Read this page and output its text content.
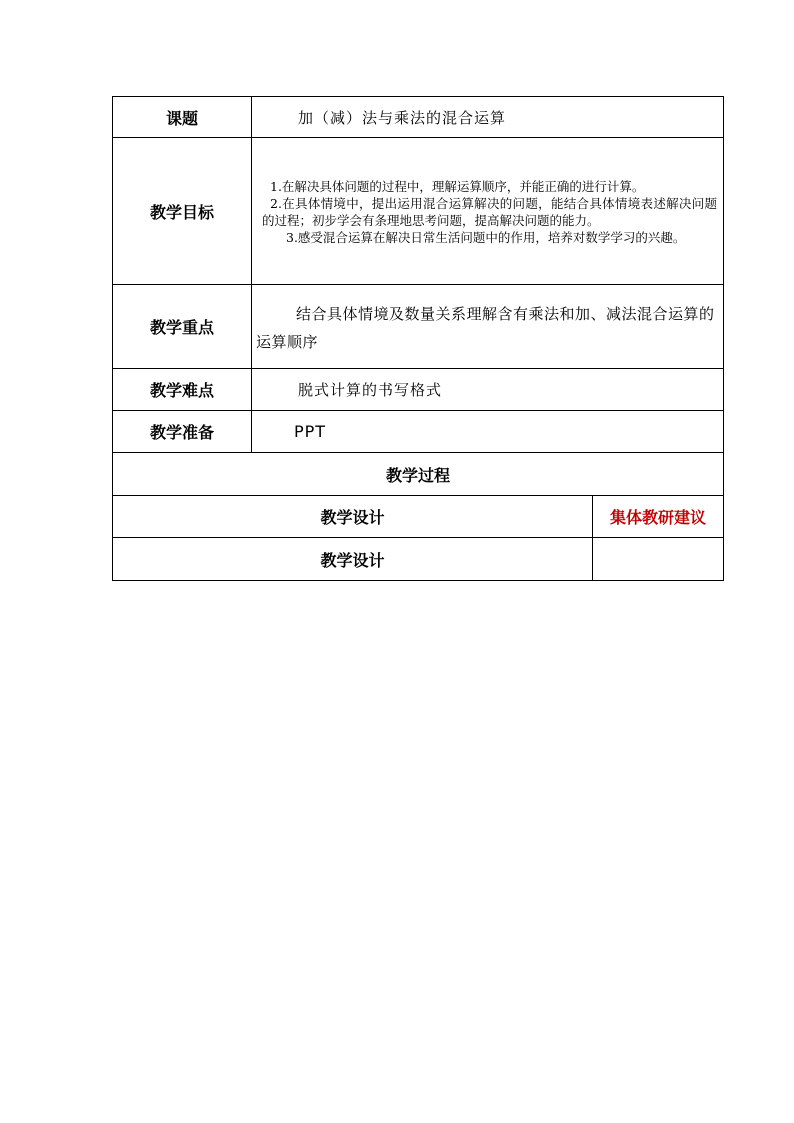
课题	加（减）法与乘法的混合运算	
教学目标	1.在解决具体问题的过程中，理解运算顺序，并能正确的进行计算。

2.在具体情境中，提出运用混合运算解决的问题，能结合具体情境表述解决问题的过程；初步学会有条理地思考问题，提高解决问题的能力。

3.感受混合运算在解决日常生活问题中的作用，培养对数学学习的兴趣。	

教学重点	结合具体情境及数量关系理解含有乘法和加、减法混合运算的运算顺序	
教学难点	脱式计算的书写格式	
教学准备	PPT	
教学过程		
教学设计		集体教研建议
教学设计		
